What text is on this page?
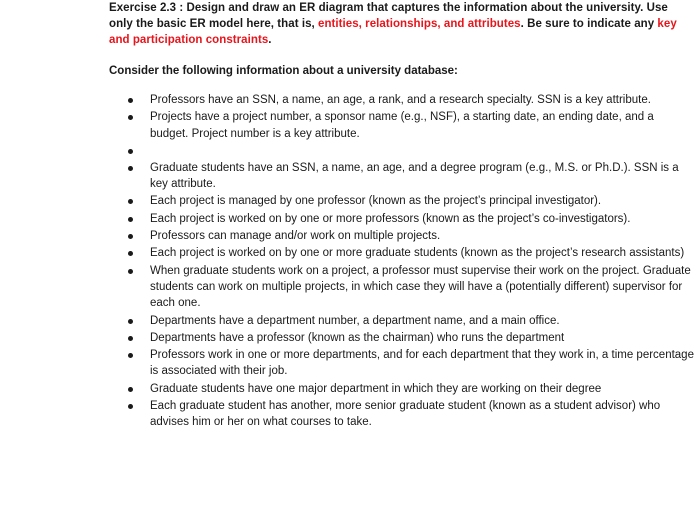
Exercise 2.3 : Design and draw an ER diagram that captures the information about the university. Use only the basic ER model here, that is, entities, relationships, and attributes. Be sure to indicate any key and participation constraints.
Consider the following information about a university database:
Professors have an SSN, a name, an age, a rank, and a research specialty. SSN is a key attribute.
Projects have a project number, a sponsor name (e.g., NSF), a starting date, an ending date, and a budget. Project number is a key attribute.
Graduate students have an SSN, a name, an age, and a degree program (e.g., M.S. or Ph.D.). SSN is a key attribute.
Each project is managed by one professor (known as the project’s principal investigator).
Each project is worked on by one or more professors (known as the project’s co-investigators).
Professors can manage and/or work on multiple projects.
Each project is worked on by one or more graduate students (known as the project’s research assistants)
When graduate students work on a project, a professor must supervise their work on the project. Graduate students can work on multiple projects, in which case they will have a (potentially different) supervisor for each one.
Departments have a department number, a department name, and a main office.
Departments have a professor (known as the chairman) who runs the department
Professors work in one or more departments, and for each department that they work in, a time percentage is associated with their job.
Graduate students have one major department in which they are working on their degree
Each graduate student has another, more senior graduate student (known as a student advisor) who advises him or her on what courses to take.
